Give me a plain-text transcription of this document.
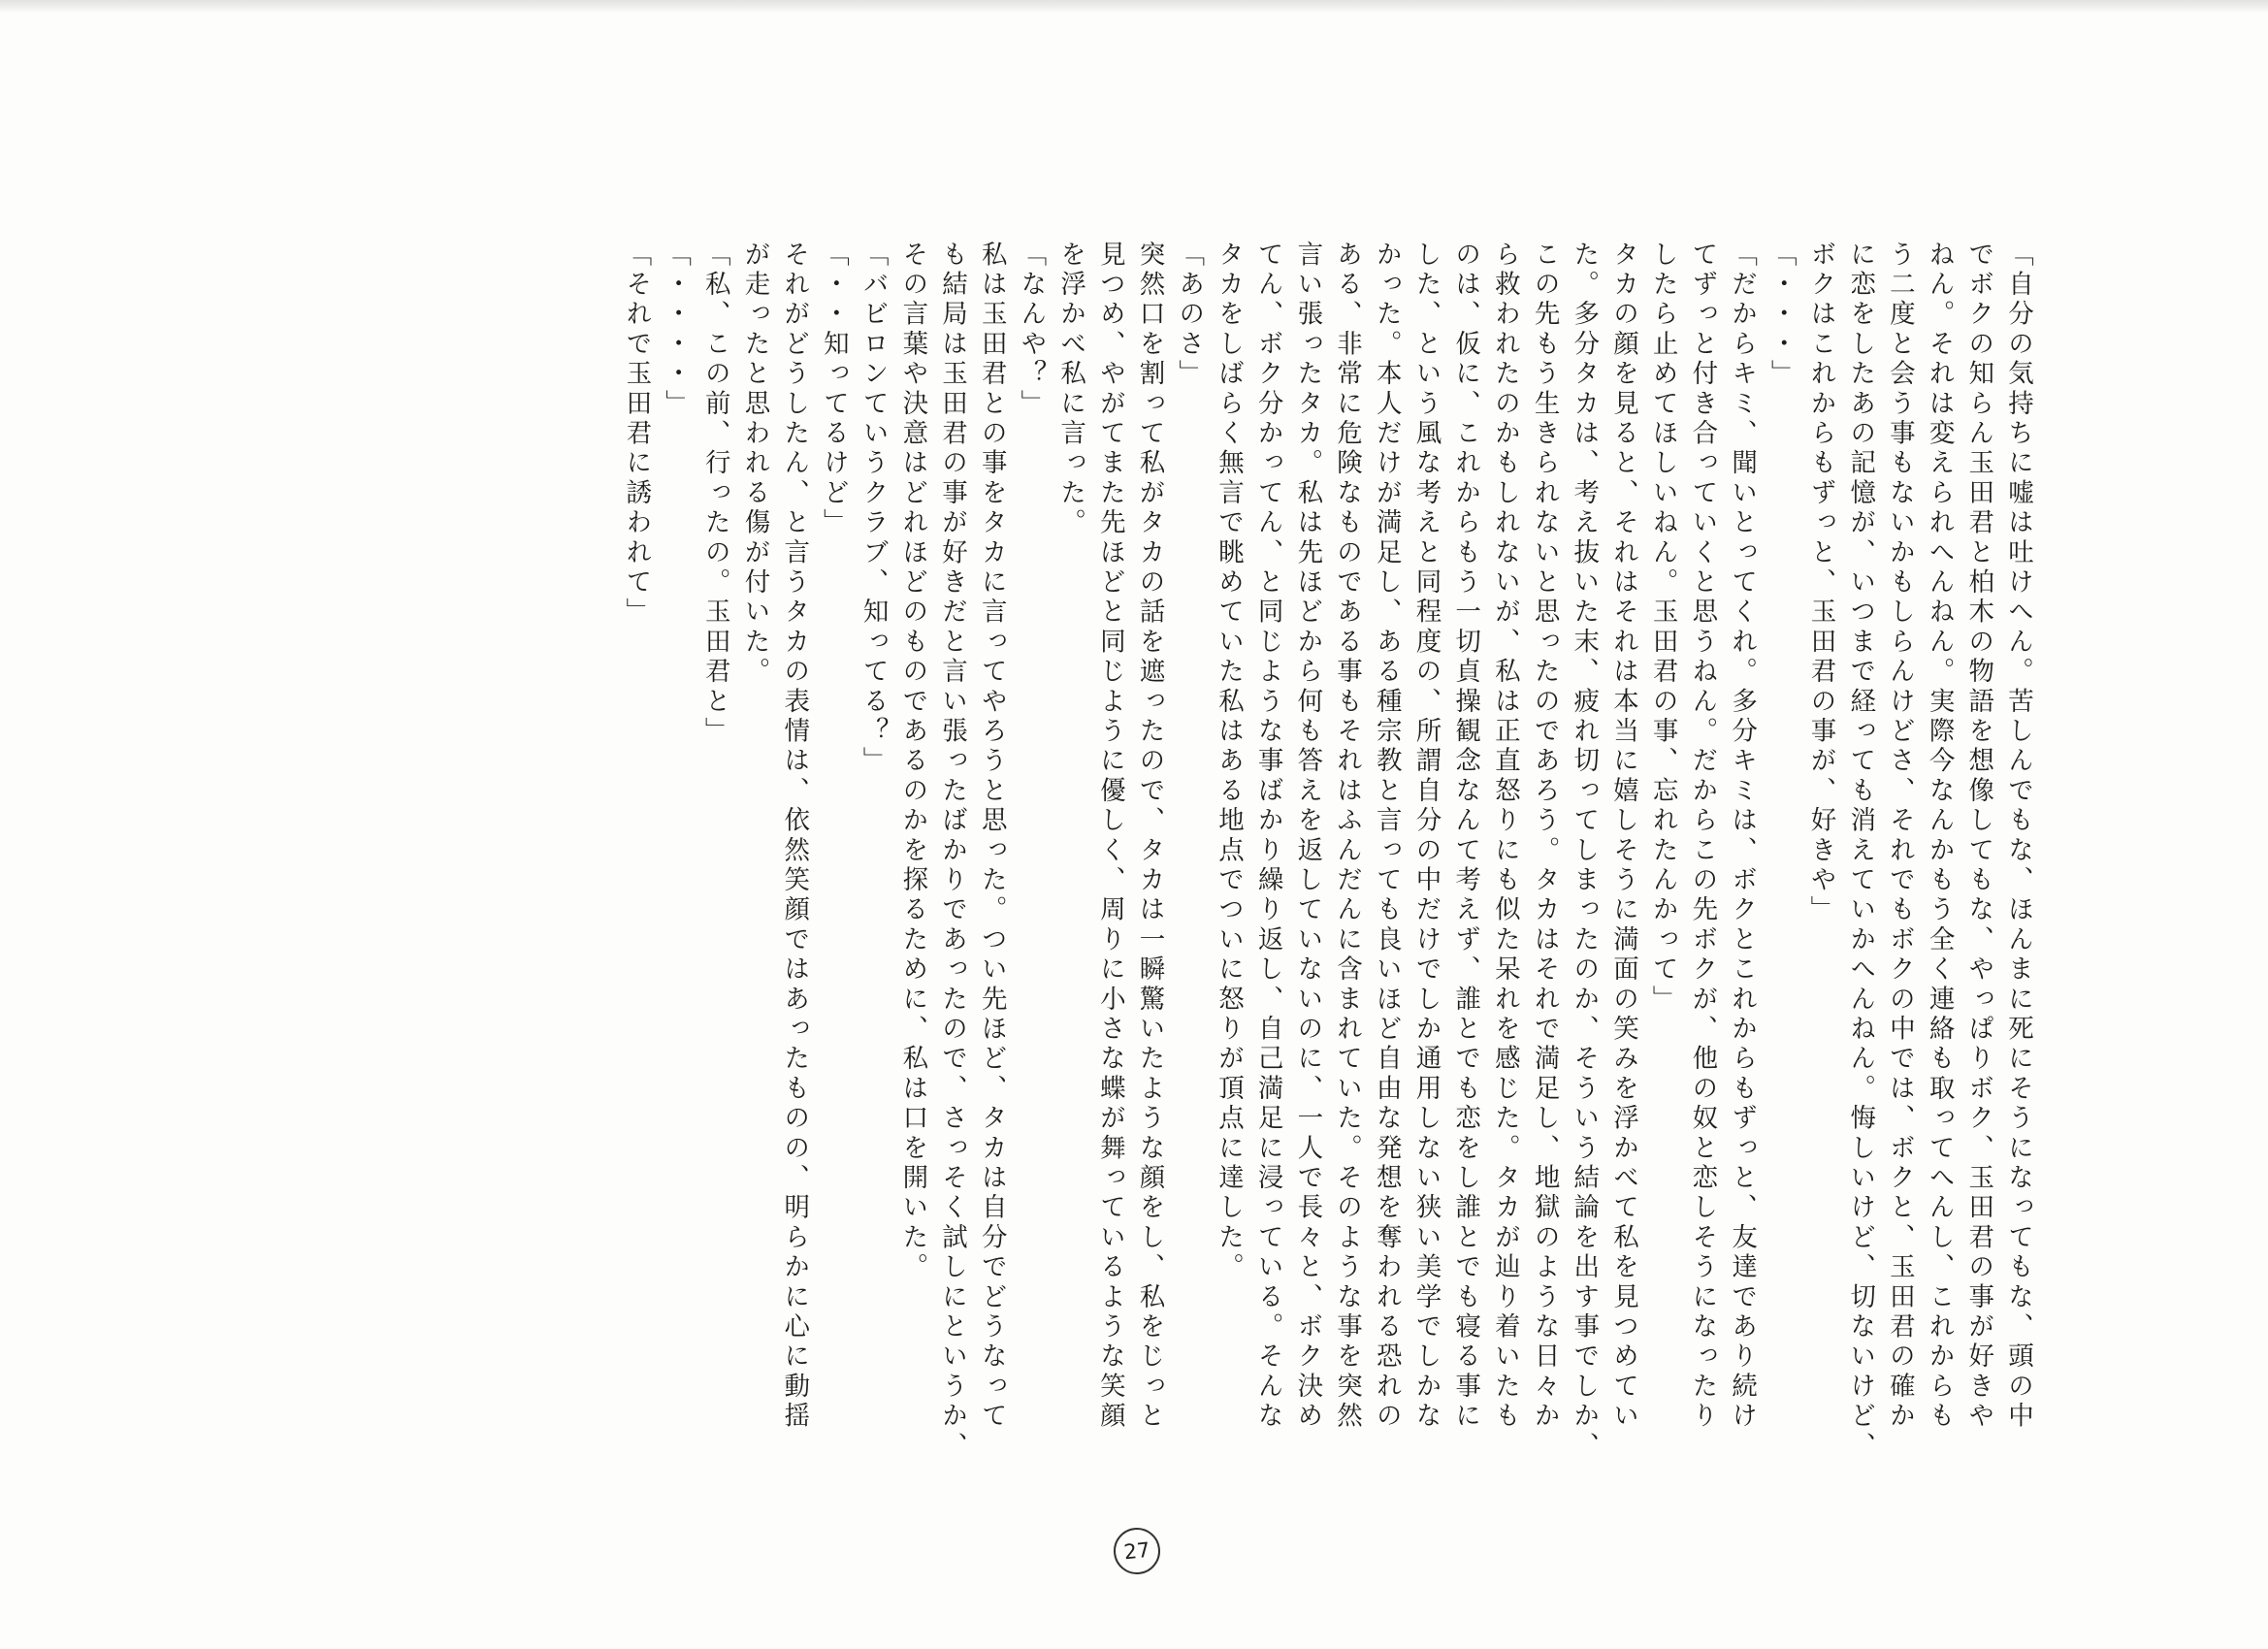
「自分の気持ちに嘘は吐けへん。苦しんでもな、ほんまに死にそうになってもな、頭の中
でボクの知らん玉田君と柏木の物語を想像してもな、やっぱりボク、玉田君の事が好きや
ねん。それは変えられへんねん。実際今なんかもう全く連絡も取ってへんし、これからも
う二度と会う事もないかもしらんけどさ、それでもボクの中では、ボクと、玉田君の確か
に恋をしたあの記憶が、いつまで経っても消えていかへんねん。悔しいけど、切ないけど、
ボクはこれからもずっと、玉田君の事が、好きや」
「・・・」
「だからキミ、聞いとってくれ。多分キミは、ボクとこれからもずっと、友達であり続け
てずっと付き合っていくと思うねん。だからこの先ボクが、他の奴と恋しそうになったり
したら止めてほしいねん。玉田君の事、忘れたんかって」
タカの顔を見ると、それはそれは本当に嬉しそうに満面の笑みを浮かべて私を見つめてい
た。多分タカは、考え抜いた末、疲れ切ってしまったのか、そういう結論を出す事でしか、
この先もう生きられないと思ったのであろう。タカはそれで満足し、地獄のような日々か
ら救われたのかもしれないが、私は正直怒りにも似た呆れを感じた。タカが辿り着いたも
のは、仮に、これからもう一切貞操観念なんて考えず、誰とでも恋をし誰とでも寝る事に
した、という風な考えと同程度の、所謂自分の中だけでしか通用しない狭い美学でしかな
かった。本人だけが満足し、ある種宗教と言っても良いほど自由な発想を奪われる恐れの
ある、非常に危険なものである事もそれはふんだんに含まれていた。そのような事を突然
言い張ったタカ。私は先ほどから何も答えを返していないのに、一人で長々と、ボク決め
てん、ボク分かってん、と同じような事ばかり繰り返し、自己満足に浸っている。そんな
タカをしばらく無言で眺めていた私はある地点でついに怒りが頂点に達した。
「あのさ」
突然口を割って私がタカの話を遮ったので、タカは一瞬驚いたような顔をし、私をじっと
見つめ、やがてまた先ほどと同じように優しく、周りに小さな蝶が舞っているような笑顔
を浮かべ私に言った。
「なんや？」
私は玉田君との事をタカに言ってやろうと思った。つい先ほど、タカは自分でどうなって
も結局は玉田君の事が好きだと言い張ったばかりであったので、さっそく試しにというか、
その言葉や決意はどれほどのものであるのかを探るために、私は口を開いた。
「バビロンていうクラブ、知ってる？」
「・・知ってるけど」
それがどうしたん、と言うタカの表情は、依然笑顔ではあったものの、明らかに心に動揺
が走ったと思われる傷が付いた。
「私、この前、行ったの。玉田君と」
「・・・・」
「それで玉田君に誘われて」
27
